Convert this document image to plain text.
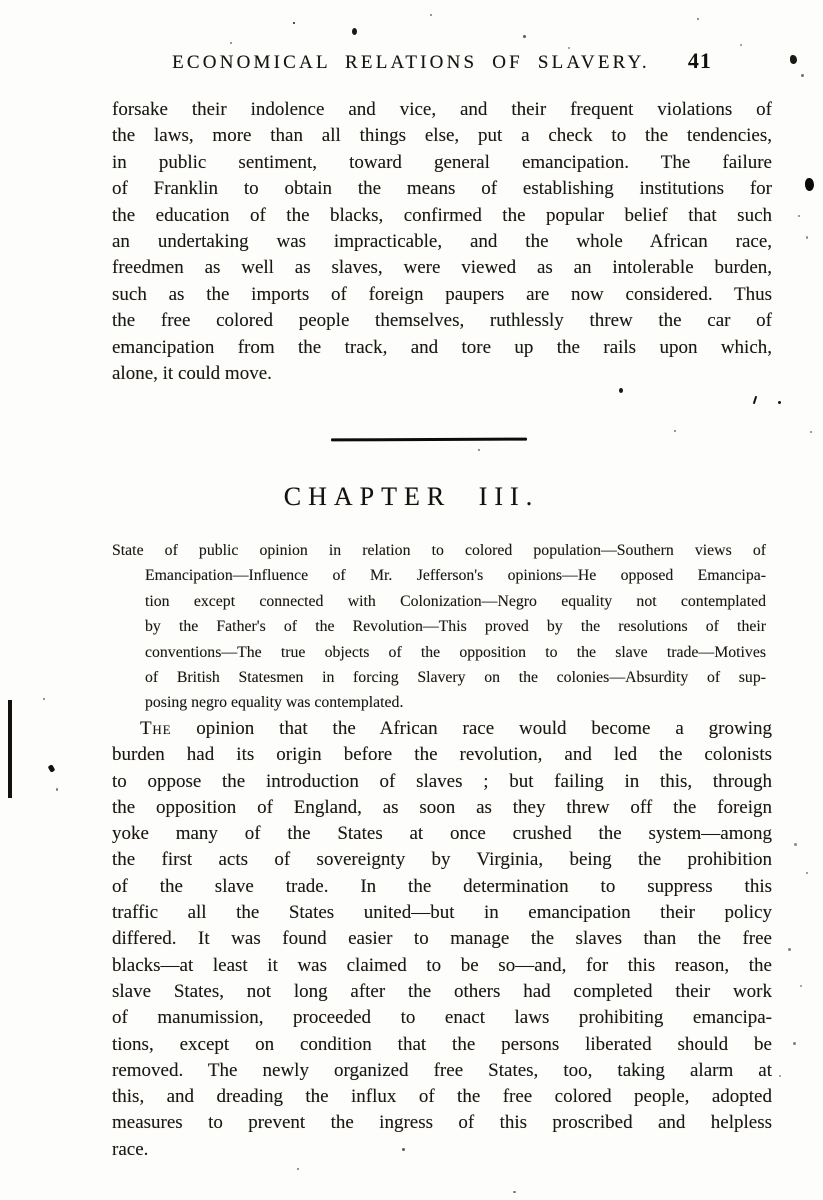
ECONOMICAL RELATIONS OF SLAVERY. 41
forsake their indolence and vice, and their frequent violations of
the laws, more than all things else, put a check to the tendencies,
in public sentiment, toward general emancipation. The failure
of Franklin to obtain the means of establishing institutions for
the education of the blacks, confirmed the popular belief that such
an undertaking was impracticable, and the whole African race,
freedmen as well as slaves, were viewed as an intolerable burden,
such as the imports of foreign paupers are now considered. Thus
the free colored people themselves, ruthlessly threw the car of
emancipation from the track, and tore up the rails upon which,
alone, it could move.
CHAPTER III.
State of public opinion in relation to colored population—Southern views of
Emancipation—Influence of Mr. Jefferson's opinions—He opposed Emancipa-
tion except connected with Colonization—Negro equality not contemplated
by the Father's of the Revolution—This proved by the resolutions of their
conventions—The true objects of the opposition to the slave trade—Motives
of British Statesmen in forcing Slavery on the colonies—Absurdity of sup-
posing negro equality was contemplated.
The opinion that the African race would become a growing
burden had its origin before the revolution, and led the colonists
to oppose the introduction of slaves ; but failing in this, through
the opposition of England, as soon as they threw off the foreign
yoke many of the States at once crushed the system—among
the first acts of sovereignty by Virginia, being the prohibition
of the slave trade. In the determination to suppress this
traffic all the States united—but in emancipation their policy
differed. It was found easier to manage the slaves than the free
blacks—at least it was claimed to be so—and, for this reason, the
slave States, not long after the others had completed their work
of manumission, proceeded to enact laws prohibiting emancipa-
tions, except on condition that the persons liberated should be
removed. The newly organized free States, too, taking alarm at
this, and dreading the influx of the free colored people, adopted
measures to prevent the ingress of this proscribed and helpless
race.
